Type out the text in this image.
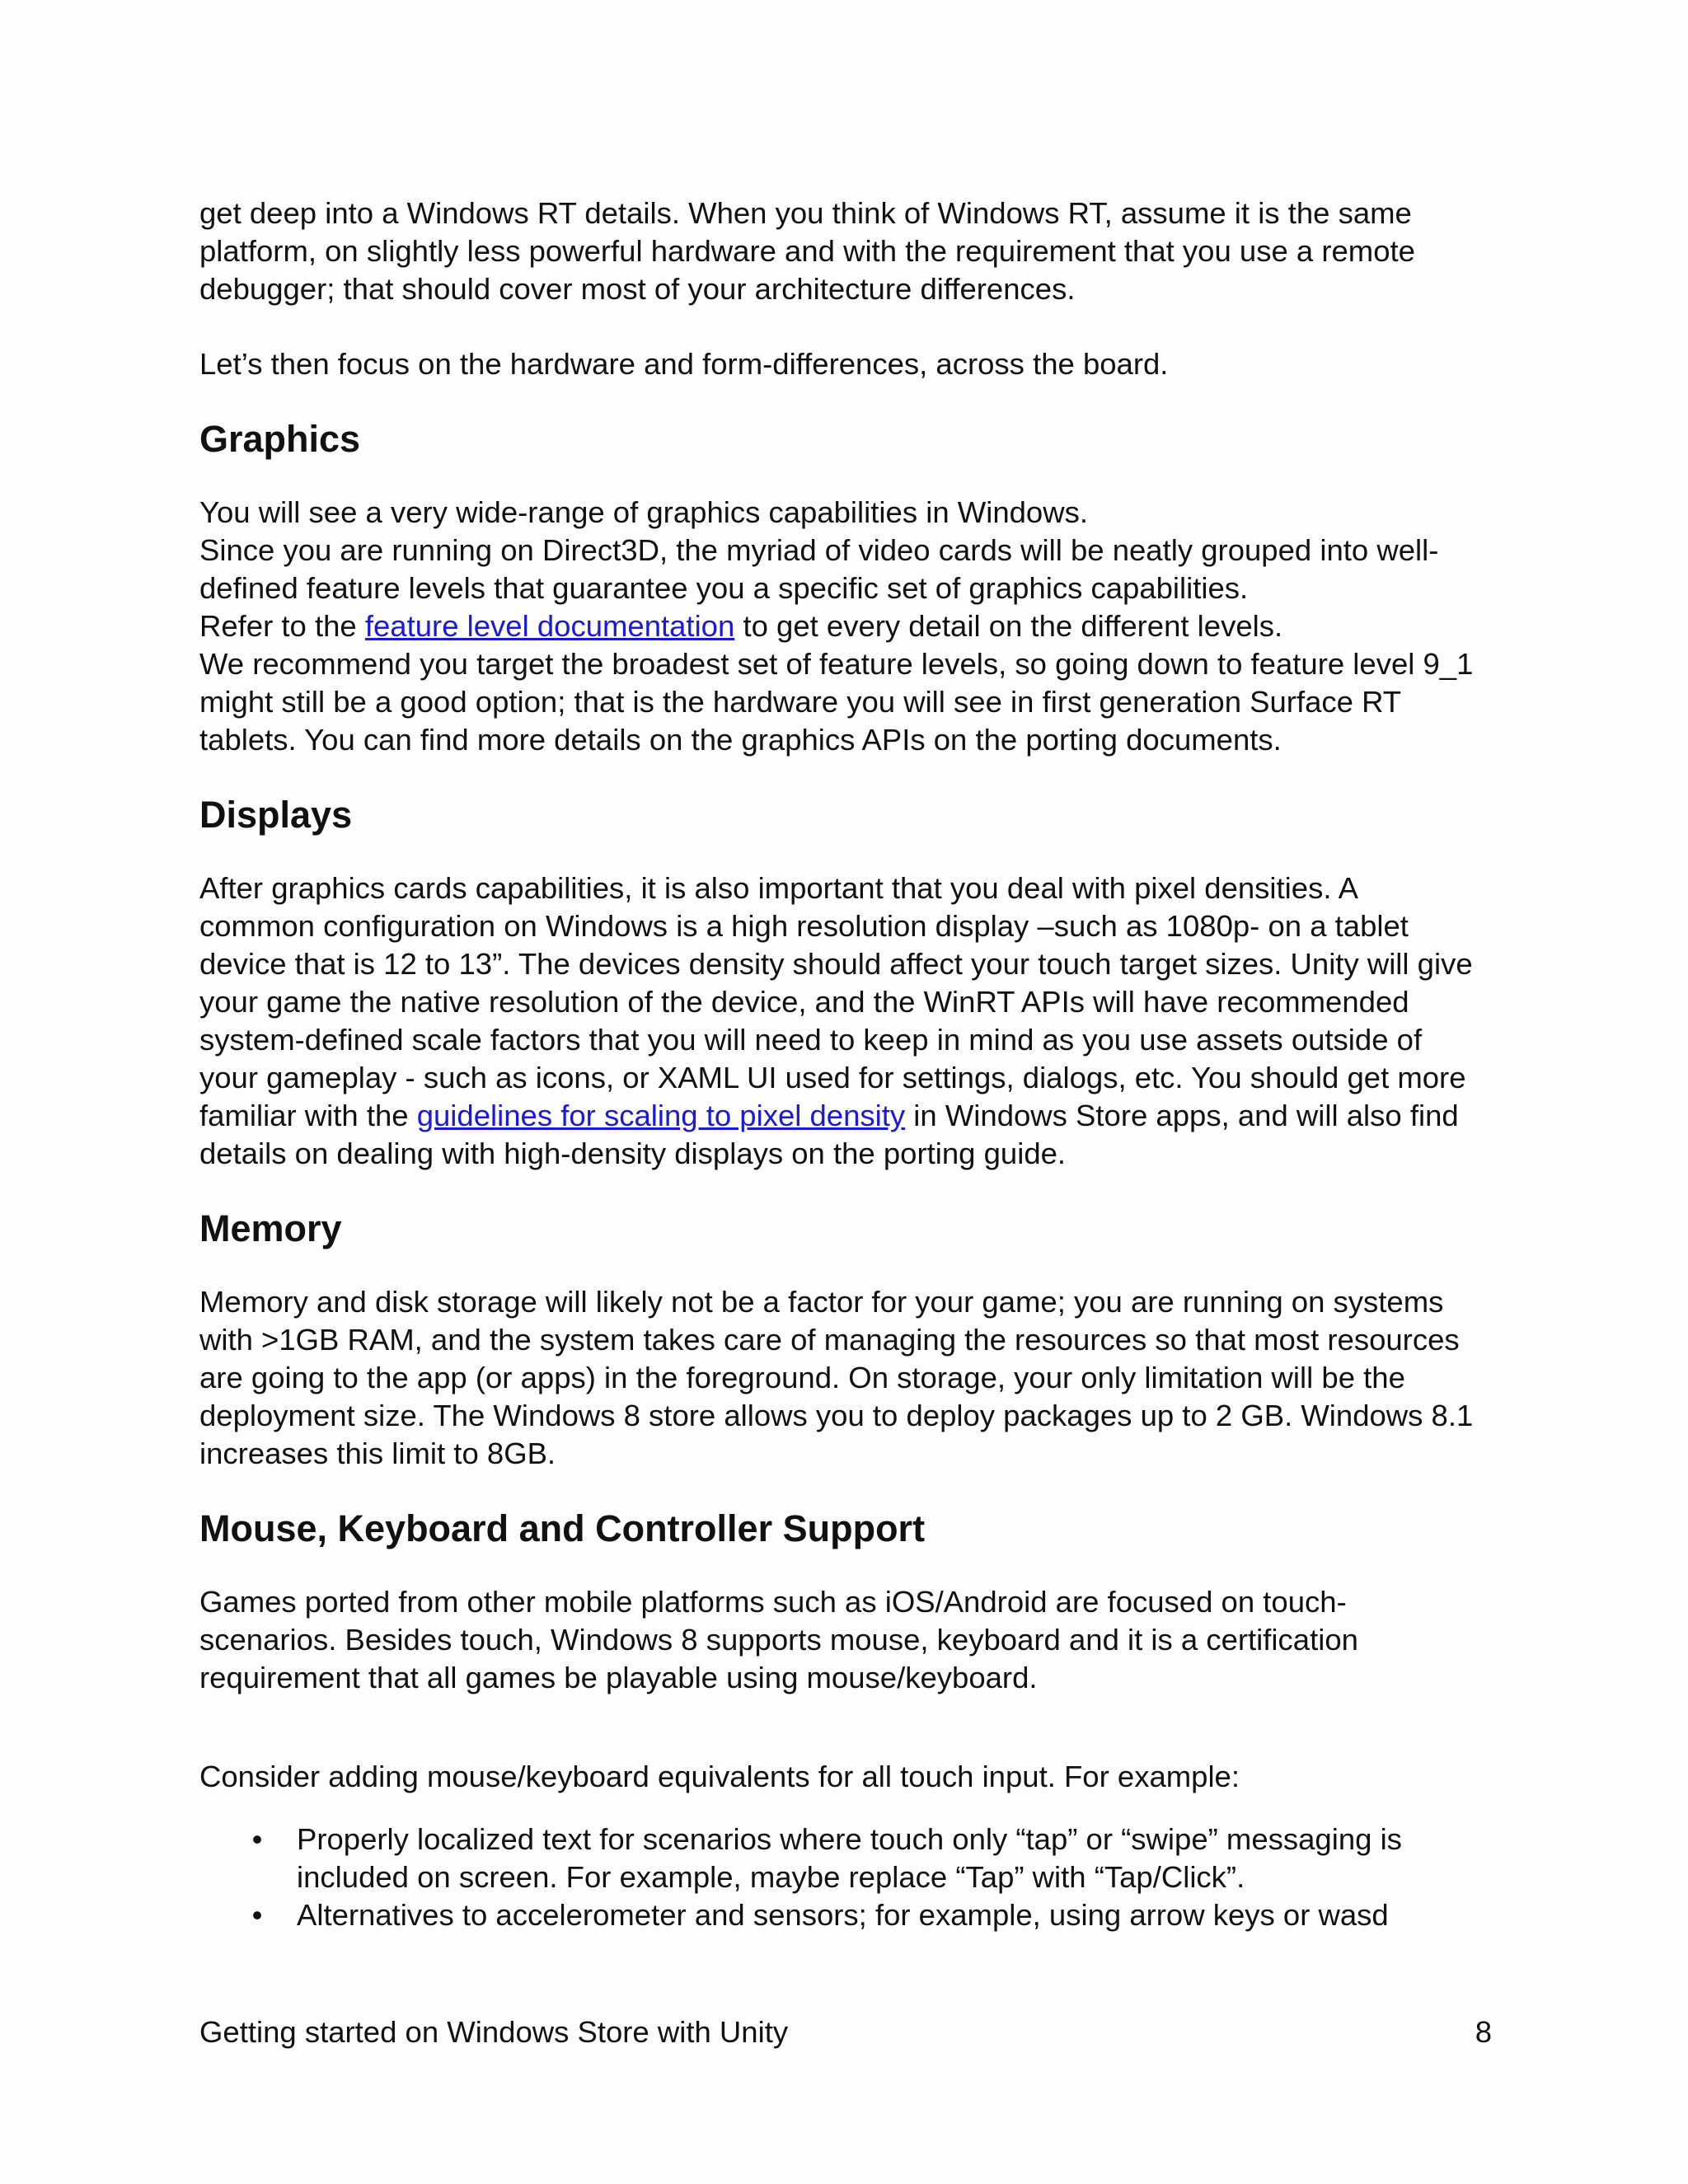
get deep into a Windows RT details. When you think of Windows RT, assume it is the same
platform, on slightly less powerful hardware and with the requirement that you use a remote
debugger; that should cover most of your architecture differences.

Let’s then focus on the hardware and form-differences, across the board.

Graphics

You will see a very wide-range of graphics capabilities in Windows.
Since you are running on Direct3D, the myriad of video cards will be neatly grouped into well-
defined feature levels that guarantee you a specific set of graphics capabilities.
Refer to the feature level documentation to get every detail on the different levels.
We recommend you target the broadest set of feature levels, so going down to feature level 9_1
might still be a good option; that is the hardware you will see in first generation Surface RT
tablets. You can find more details on the graphics APIs on the porting documents.

Displays

After graphics cards capabilities, it is also important that you deal with pixel densities. A
common configuration on Windows is a high resolution display –such as 1080p- on a tablet
device that is 12 to 13”. The devices density should affect your touch target sizes. Unity will give
your game the native resolution of the device, and the WinRT APIs will have recommended
system-defined scale factors that you will need to keep in mind as you use assets outside of
your gameplay - such as icons, or XAML UI used for settings, dialogs, etc. You should get more
familiar with the guidelines for scaling to pixel density in Windows Store apps, and will also find
details on dealing with high-density displays on the porting guide.

Memory

Memory and disk storage will likely not be a factor for your game; you are running on systems
with >1GB RAM, and the system takes care of managing the resources so that most resources
are going to the app (or apps) in the foreground. On storage, your only limitation will be the
deployment size. The Windows 8 store allows you to deploy packages up to 2 GB. Windows 8.1
increases this limit to 8GB.

Mouse, Keyboard and Controller Support

Games ported from other mobile platforms such as iOS/Android are focused on touch-
scenarios. Besides touch, Windows 8 supports mouse, keyboard and it is a certification
requirement that all games be playable using mouse/keyboard.

Consider adding mouse/keyboard equivalents for all touch input. For example:

• Properly localized text for scenarios where touch only “tap” or “swipe” messaging is
included on screen. For example, maybe replace “Tap” with “Tap/Click”.
• Alternatives to accelerometer and sensors; for example, using arrow keys or wasd
Getting started on Windows Store with Unity	8
